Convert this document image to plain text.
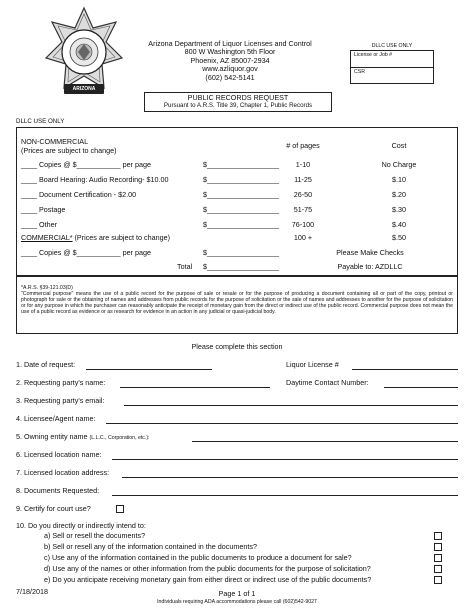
ARIZONA
Arizona Department of Liquor Licenses and Control
800 W Washington 5th Floor
Phoenix, AZ 85007-2934
www.azliquor.gov
(602) 542-5141
DLLC USE ONLY
License or Job #
CSR
PUBLIC RECORDS REQUEST
Pursuant to A.R.S. Title 39, Chapter 1, Public Records
DLLC USE ONLY
NON-COMMERCIAL
(Prices are subject to change)
# of pages	Cost
____ Copies @ $___________ per page	$__________________	1-10	No Charge
____ Board Hearing: Audio Recording- $10.00	$__________________	11-25	$.10
____ Document Certification - $2.00	$__________________	26-50	$.20
____ Postage	$__________________	51-75	$.30
____ Other	$__________________	76-100	$.40
COMMERCIAL* (Prices are subject to change)	100 +	$.50
____ Copies @ $___________ per page	$__________________	Please Make Checks
Total $__________________	Payable to: AZDLLC
*A.R.S. §39-121.03(D)
"Commercial purpose" means the use of a public record for the purpose of sale or resale or for the purpose of producing a document containing all or part of the copy, printout or photograph for sale or the obtaining of names and addresses from public records for the purpose of solicitation or the sale of names and addresses to another for the purpose of solicitation or for any purpose in which the purchaser can reasonably anticipate the receipt of monetary gain from the direct or indirect use of the public record. Commercial purpose does not mean the use of a public record as evidence or as research for evidence in an action in any judicial or quasi-judicial body.
Please complete this section
1. Date of request:	Liquor License #
2. Requesting party's name:	Daytime Contact Number:
3. Requesting party's email:
4. Licensee/Agent name:
5. Owning entity name (L.L.C., Corporation, etc.):
6. Licensed location name:
7. Licensed location address:
8. Documents Requested:
9. Certify for court use?
10. Do you directly or indirectly intend to:
a) Sell or resell the documents?
b) Sell or resell any of the information contained in the documents?
c) Use any of the information contained in the public documents to produce a document for sale?
d) Use any of the names or other information from the public documents for the purpose of solicitation?
e) Do you anticipate receiving monetary gain from either direct or indirect use of the public documents?
7/18/2018	Page 1 of 1
Individuals requiring ADA accommodations please call (602)542-9027
